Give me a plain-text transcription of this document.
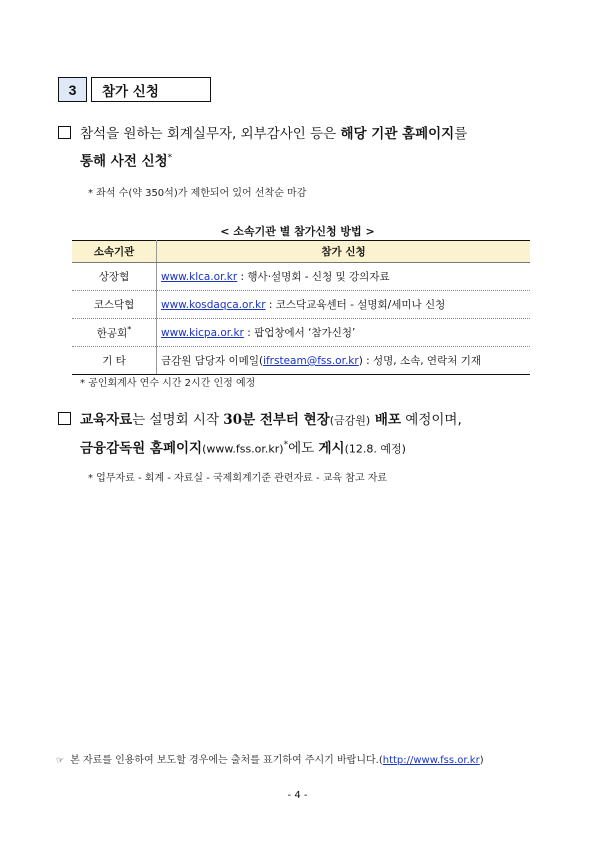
3	참가 신청
참석을 원하는 회계실무자, 외부감사인 등은 해당 기관 홈페이지를
통해 사전 신청*
* 좌석 수(약 350석)가 제한되어 있어 선착순 마감
< 소속기관 별 참가신청 방법 >
소속기관	참가 신청
상장협	www.klca.or.kr : 행사·설명회 - 신청 및 강의자료
코스닥협	www.kosdaqca.or.kr : 코스닥교육센터 - 설명회/세미나 신청
한공회*	www.kicpa.or.kr : 팝업창에서 ‘참가신청’
기 타	금감원 담당자 이메일(ifrsteam@fss.or.kr) : 성명, 소속, 연락처 기재
* 공인회계사 연수 시간 2시간 인정 예정
교육자료는 설명회 시작 30분 전부터 현장(금감원) 배포 예정이며,
금융감독원 홈페이지(www.fss.or.kr)*에도 게시(12.8. 예정)
* 업무자료 - 회계 - 자료실 - 국제회계기준 관련자료 - 교육 참고 자료
☞ 본 자료를 인용하여 보도할 경우에는 출처를 표기하여 주시기 바랍니다.(http://www.fss.or.kr)
- 4 -
